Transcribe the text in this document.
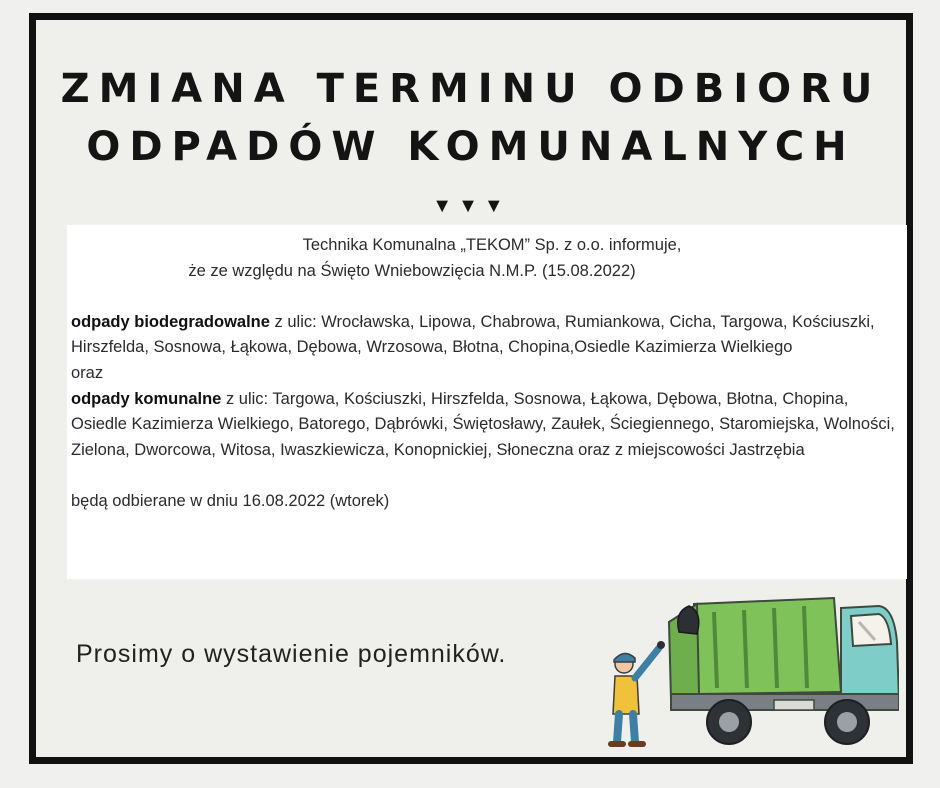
ZMIANA TERMINU ODBIORU
ODPADÓW KOMUNALNYCH
▼▼▼

Technika Komunalna „TEKOM” Sp. z o.o. informuje,

że ze względu na Święto Wniebowzięcia N.M.P. (15.08.2022)

odpady biodegradowalne z ulic: Wrocławska, Lipowa, Chabrowa, Rumiankowa, Cicha, Targowa, Kościuszki, Hirszfelda, Sosnowa, Łąkowa, Dębowa, Wrzosowa, Błotna, Chopina,Osiedle Kazimierza Wielkiego

oraz

odpady komunalne z ulic: Targowa, Kościuszki, Hirszfelda, Sosnowa, Łąkowa, Dębowa, Błotna, Chopina, Osiedle Kazimierza Wielkiego, Batorego, Dąbrówki, Świętosławy, Zaułek, Ściegiennego, Staromiejska, Wolności, Zielona, Dworcowa, Witosa, Iwaszkiewicza, Konopnickiej, Słoneczna oraz z miejscowości Jastrzębia

będą odbierane w dniu 16.08.2022 (wtorek)

Prosimy o wystawienie pojemników.
